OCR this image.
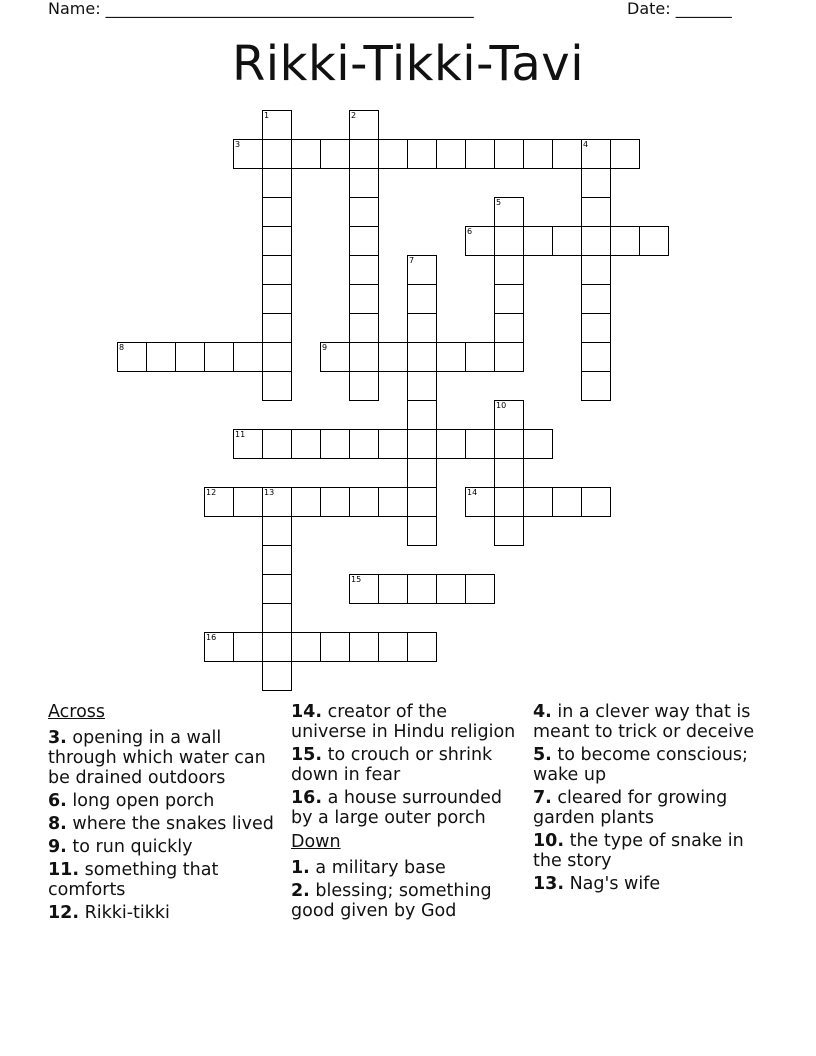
Name: ______________________________________________	Date: _______
Rikki-Tikki-Tavi
3	4
6
8	9
11
12	13	14
15
16
1	2
5
7
10
Across
3. opening in a wall through which water can be drained outdoors
6. long open porch
8. where the snakes lived
9. to run quickly
11. something that comforts
12. Rikki-tikki
14. creator of the universe in Hindu religion
15. to crouch or shrink down in fear
16. a house surrounded by a large outer porch
Down
1. a military base
2. blessing; something good given by God
4. in a clever way that is meant to trick or deceive
5. to become conscious; wake up
7. cleared for growing garden plants
10. the type of snake in the story
13. Nag's wife
